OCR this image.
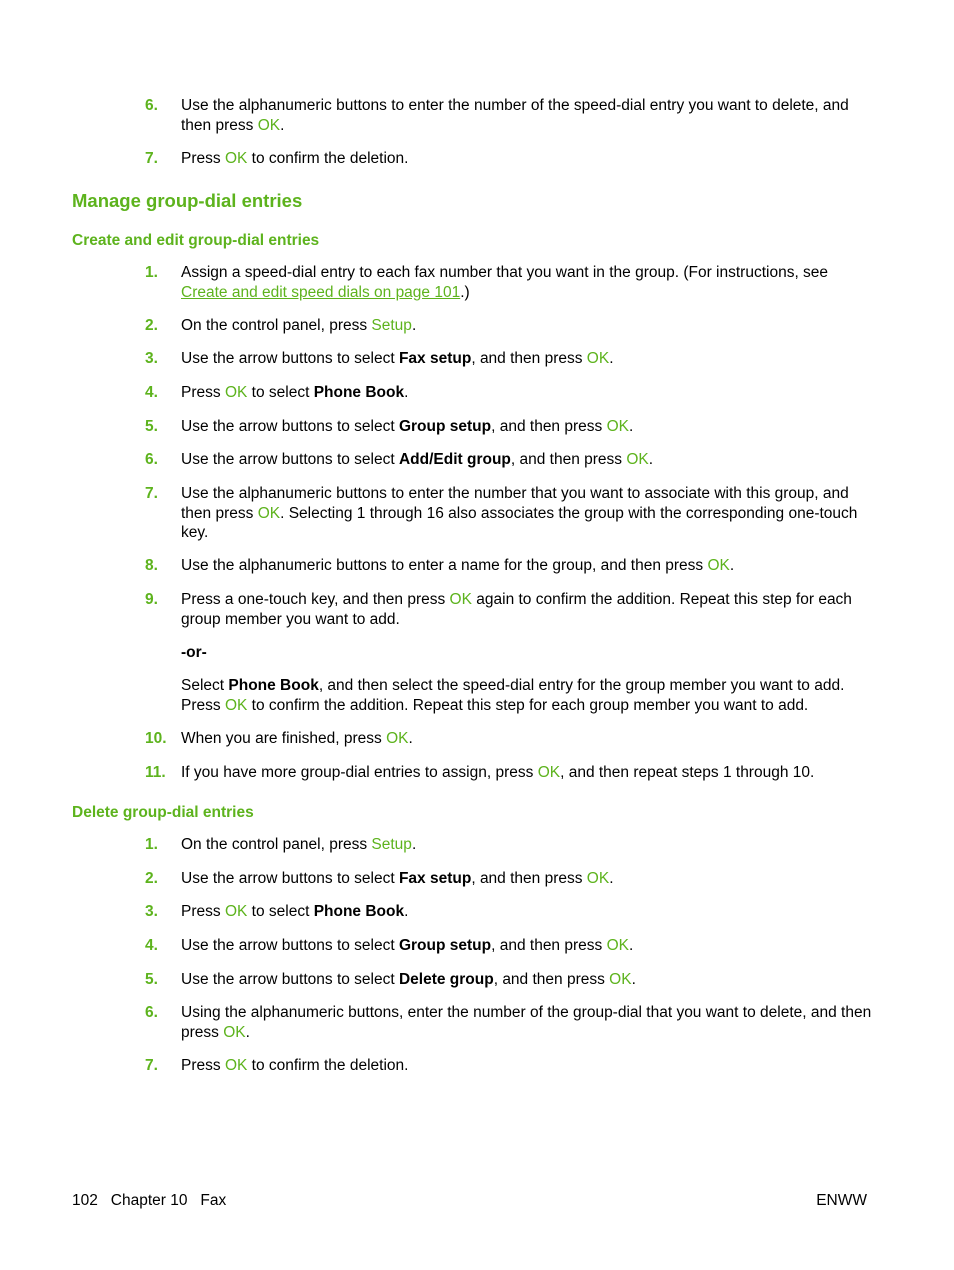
6. Use the alphanumeric buttons to enter the number of the speed-dial entry you want to delete, and then press OK.
7. Press OK to confirm the deletion.
Manage group-dial entries
Create and edit group-dial entries
1. Assign a speed-dial entry to each fax number that you want in the group. (For instructions, see Create and edit speed dials on page 101.)
2. On the control panel, press Setup.
3. Use the arrow buttons to select Fax setup, and then press OK.
4. Press OK to select Phone Book.
5. Use the arrow buttons to select Group setup, and then press OK.
6. Use the arrow buttons to select Add/Edit group, and then press OK.
7. Use the alphanumeric buttons to enter the number that you want to associate with this group, and then press OK. Selecting 1 through 16 also associates the group with the corresponding one-touch key.
8. Use the alphanumeric buttons to enter a name for the group, and then press OK.
9. Press a one-touch key, and then press OK again to confirm the addition. Repeat this step for each group member you want to add.

-or-

Select Phone Book, and then select the speed-dial entry for the group member you want to add. Press OK to confirm the addition. Repeat this step for each group member you want to add.

10. When you are finished, press OK.
11. If you have more group-dial entries to assign, press OK, and then repeat steps 1 through 10.
Delete group-dial entries
1. On the control panel, press Setup.
2. Use the arrow buttons to select Fax setup, and then press OK.
3. Press OK to select Phone Book.
4. Use the arrow buttons to select Group setup, and then press OK.
5. Use the arrow buttons to select Delete group, and then press OK.
6. Using the alphanumeric buttons, enter the number of the group-dial that you want to delete, and then press OK.
7. Press OK to confirm the deletion.
102   Chapter 10   Fax	ENWW
